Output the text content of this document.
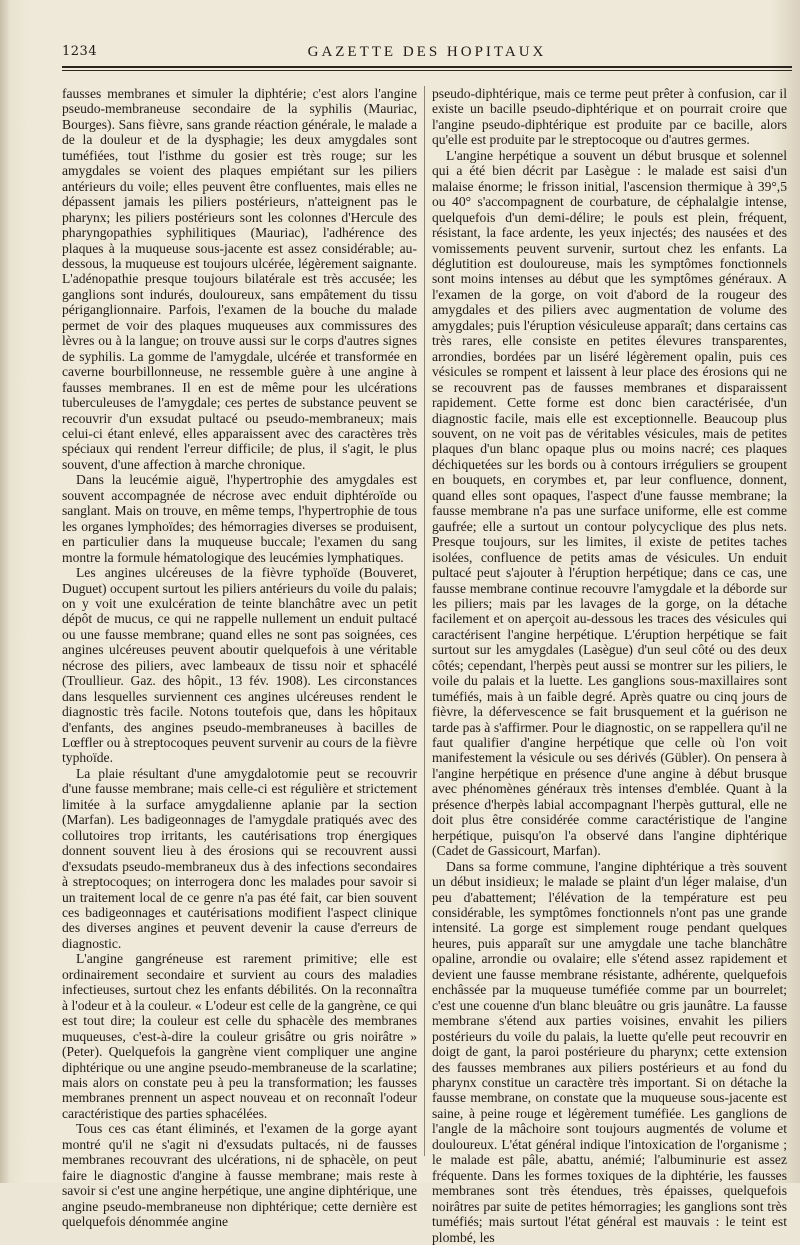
1234	GAZETTE DES HOPITAUX

fausses membranes et simuler la diphtérie; c'est alors l'angine pseudo-membraneuse secondaire de la syphilis (Mauriac, Bourges). Sans fièvre, sans grande réaction générale, le malade a de la douleur et de la dysphagie; les deux amygdales sont tuméfiées, tout l'isthme du gosier est très rouge; sur les amygdales se voient des plaques empiétant sur les piliers antérieurs du voile; elles peuvent être confluentes, mais elles ne dépassent jamais les piliers postérieurs, n'atteignent pas le pharynx; les piliers postérieurs sont les colonnes d'Hercule des pharyngopathies syphilitiques (Mauriac), l'adhérence des plaques à la muqueuse sous-jacente est assez considérable; au-dessous, la muqueuse est toujours ulcérée, légèrement saignante. L'adénopathie presque toujours bilatérale est très accusée; les ganglions sont indurés, douloureux, sans empâtement du tissu périganglionnaire. Parfois, l'examen de la bouche du malade permet de voir des plaques muqueuses aux commissures des lèvres ou à la langue; on trouve aussi sur le corps d'autres signes de syphilis. La gomme de l'amygdale, ulcérée et transformée en caverne bourbillonneuse, ne ressemble guère à une angine à fausses membranes. Il en est de même pour les ulcérations tuberculeuses de l'amygdale; ces pertes de substance peuvent se recouvrir d'un exsudat pultacé ou pseudo-membraneux; mais celui-ci étant enlevé, elles apparaissent avec des caractères très spéciaux qui rendent l'erreur difficile; de plus, il s'agit, le plus souvent, d'une affection à marche chronique.

Dans la leucémie aiguë, l'hypertrophie des amygdales est souvent accompagnée de nécrose avec enduit diphtéroïde ou sanglant. Mais on trouve, en même temps, l'hypertrophie de tous les organes lymphoïdes; des hémorragies diverses se produisent, en particulier dans la muqueuse buccale; l'examen du sang montre la formule hématologique des leucémies lymphatiques.

Les angines ulcéreuses de la fièvre typhoïde (Bouveret, Duguet) occupent surtout les piliers antérieurs du voile du palais; on y voit une exulcération de teinte blanchâtre avec un petit dépôt de mucus, ce qui ne rappelle nullement un enduit pultacé ou une fausse membrane; quand elles ne sont pas soignées, ces angines ulcéreuses peuvent aboutir quelquefois à une véritable nécrose des piliers, avec lambeaux de tissu noir et sphacélé (Troullieur. Gaz. des hôpit., 13 fév. 1908). Les circonstances dans lesquelles surviennent ces angines ulcéreuses rendent le diagnostic très facile. Notons toutefois que, dans les hôpitaux d'enfants, des angines pseudo-membraneuses à bacilles de Lœffler ou à streptocoques peuvent survenir au cours de la fièvre typhoïde.

La plaie résultant d'une amygdalotomie peut se recouvrir d'une fausse membrane; mais celle-ci est régulière et strictement limitée à la surface amygdalienne aplanie par la section (Marfan). Les badigeonnages de l'amygdale pratiqués avec des collutoires trop irritants, les cautérisations trop énergiques donnent souvent lieu à des érosions qui se recouvrent aussi d'exsudats pseudo-membraneux dus à des infections secondaires à streptocoques; on interrogera donc les malades pour savoir si un traitement local de ce genre n'a pas été fait, car bien souvent ces badigeonnages et cautérisations modifient l'aspect clinique des diverses angines et peuvent devenir la cause d'erreurs de diagnostic.

L'angine gangréneuse est rarement primitive; elle est ordinairement secondaire et survient au cours des maladies infectieuses, surtout chez les enfants débilités. On la reconnaîtra à l'odeur et à la couleur. « L'odeur est celle de la gangrène, ce qui est tout dire; la couleur est celle du sphacèle des membranes muqueuses, c'est-à-dire la couleur grisâtre ou gris noirâtre » (Peter). Quelquefois la gangrène vient compliquer une angine diphtérique ou une angine pseudo-membraneuse de la scarlatine; mais alors on constate peu à peu la transformation; les fausses membranes prennent un aspect nouveau et on reconnaît l'odeur caractéristique des parties sphacélées.

Tous ces cas étant éliminés, et l'examen de la gorge ayant montré qu'il ne s'agit ni d'exsudats pultacés, ni de fausses membranes recouvrant des ulcérations, ni de sphacèle, on peut faire le diagnostic d'angine à fausse membrane; mais reste à savoir si c'est une angine herpétique, une angine diphtérique, une angine pseudo-membraneuse non diphtérique; cette dernière est quelquefois dénommée angine

pseudo-diphtérique, mais ce terme peut prêter à confusion, car il existe un bacille pseudo-diphtérique et on pourrait croire que l'angine pseudo-diphtérique est produite par ce bacille, alors qu'elle est produite par le streptocoque ou d'autres germes.

L'angine herpétique a souvent un début brusque et solennel qui a été bien décrit par Lasègue : le malade est saisi d'un malaise énorme; le frisson initial, l'ascension thermique à 39°,5 ou 40° s'accompagnent de courbature, de céphalalgie intense, quelquefois d'un demi-délire; le pouls est plein, fréquent, résistant, la face ardente, les yeux injectés; des nausées et des vomissements peuvent survenir, surtout chez les enfants. La déglutition est douloureuse, mais les symptômes fonctionnels sont moins intenses au début que les symptômes généraux. A l'examen de la gorge, on voit d'abord de la rougeur des amygdales et des piliers avec augmentation de volume des amygdales; puis l'éruption vésiculeuse apparaît; dans certains cas très rares, elle consiste en petites élevures transparentes, arrondies, bordées par un liséré légèrement opalin, puis ces vésicules se rompent et laissent à leur place des érosions qui ne se recouvrent pas de fausses membranes et disparaissent rapidement. Cette forme est donc bien caractérisée, d'un diagnostic facile, mais elle est exceptionnelle. Beaucoup plus souvent, on ne voit pas de véritables vésicules, mais de petites plaques d'un blanc opaque plus ou moins nacré; ces plaques déchiquetées sur les bords ou à contours irréguliers se groupent en bouquets, en corymbes et, par leur confluence, donnent, quand elles sont opaques, l'aspect d'une fausse membrane; la fausse membrane n'a pas une surface uniforme, elle est comme gaufrée; elle a surtout un contour polycyclique des plus nets. Presque toujours, sur les limites, il existe de petites taches isolées, confluence de petits amas de vésicules. Un enduit pultacé peut s'ajouter à l'éruption herpétique; dans ce cas, une fausse membrane continue recouvre l'amygdale et la déborde sur les piliers; mais par les lavages de la gorge, on la détache facilement et on aperçoit au-dessous les traces des vésicules qui caractérisent l'angine herpétique. L'éruption herpétique se fait surtout sur les amygdales (Lasègue) d'un seul côté ou des deux côtés; cependant, l'herpès peut aussi se montrer sur les piliers, le voile du palais et la luette. Les ganglions sous-maxillaires sont tuméfiés, mais à un faible degré. Après quatre ou cinq jours de fièvre, la défervescence se fait brusquement et la guérison ne tarde pas à s'affirmer. Pour le diagnostic, on se rappellera qu'il ne faut qualifier d'angine herpétique que celle où l'on voit manifestement la vésicule ou ses dérivés (Gübler). On pensera à l'angine herpétique en présence d'une angine à début brusque avec phénomènes généraux très intenses d'emblée. Quant à la présence d'herpès labial accompagnant l'herpès guttural, elle ne doit plus être considérée comme caractéristique de l'angine herpétique, puisqu'on l'a observé dans l'angine diphtérique (Cadet de Gassicourt, Marfan).

Dans sa forme commune, l'angine diphtérique a très souvent un début insidieux; le malade se plaint d'un léger malaise, d'un peu d'abattement; l'élévation de la température est peu considérable, les symptômes fonctionnels n'ont pas une grande intensité. La gorge est simplement rouge pendant quelques heures, puis apparaît sur une amygdale une tache blanchâtre opaline, arrondie ou ovalaire; elle s'étend assez rapidement et devient une fausse membrane résistante, adhérente, quelquefois enchâssée par la muqueuse tuméfiée comme par un bourrelet; c'est une couenne d'un blanc bleuâtre ou gris jaunâtre. La fausse membrane s'étend aux parties voisines, envahit les piliers postérieurs du voile du palais, la luette qu'elle peut recouvrir en doigt de gant, la paroi postérieure du pharynx; cette extension des fausses membranes aux piliers postérieurs et au fond du pharynx constitue un caractère très important. Si on détache la fausse membrane, on constate que la muqueuse sous-jacente est saine, à peine rouge et légèrement tuméfiée. Les ganglions de l'angle de la mâchoire sont toujours augmentés de volume et douloureux. L'état général indique l'intoxication de l'organisme ; le malade est pâle, abattu, anémié; l'albuminurie est assez fréquente. Dans les formes toxiques de la diphtérie, les fausses membranes sont très étendues, très épaisses, quelquefois noirâtres par suite de petites hémorragies; les ganglions sont très tuméfiés; mais surtout l'état général est mauvais : le teint est plombé, les
